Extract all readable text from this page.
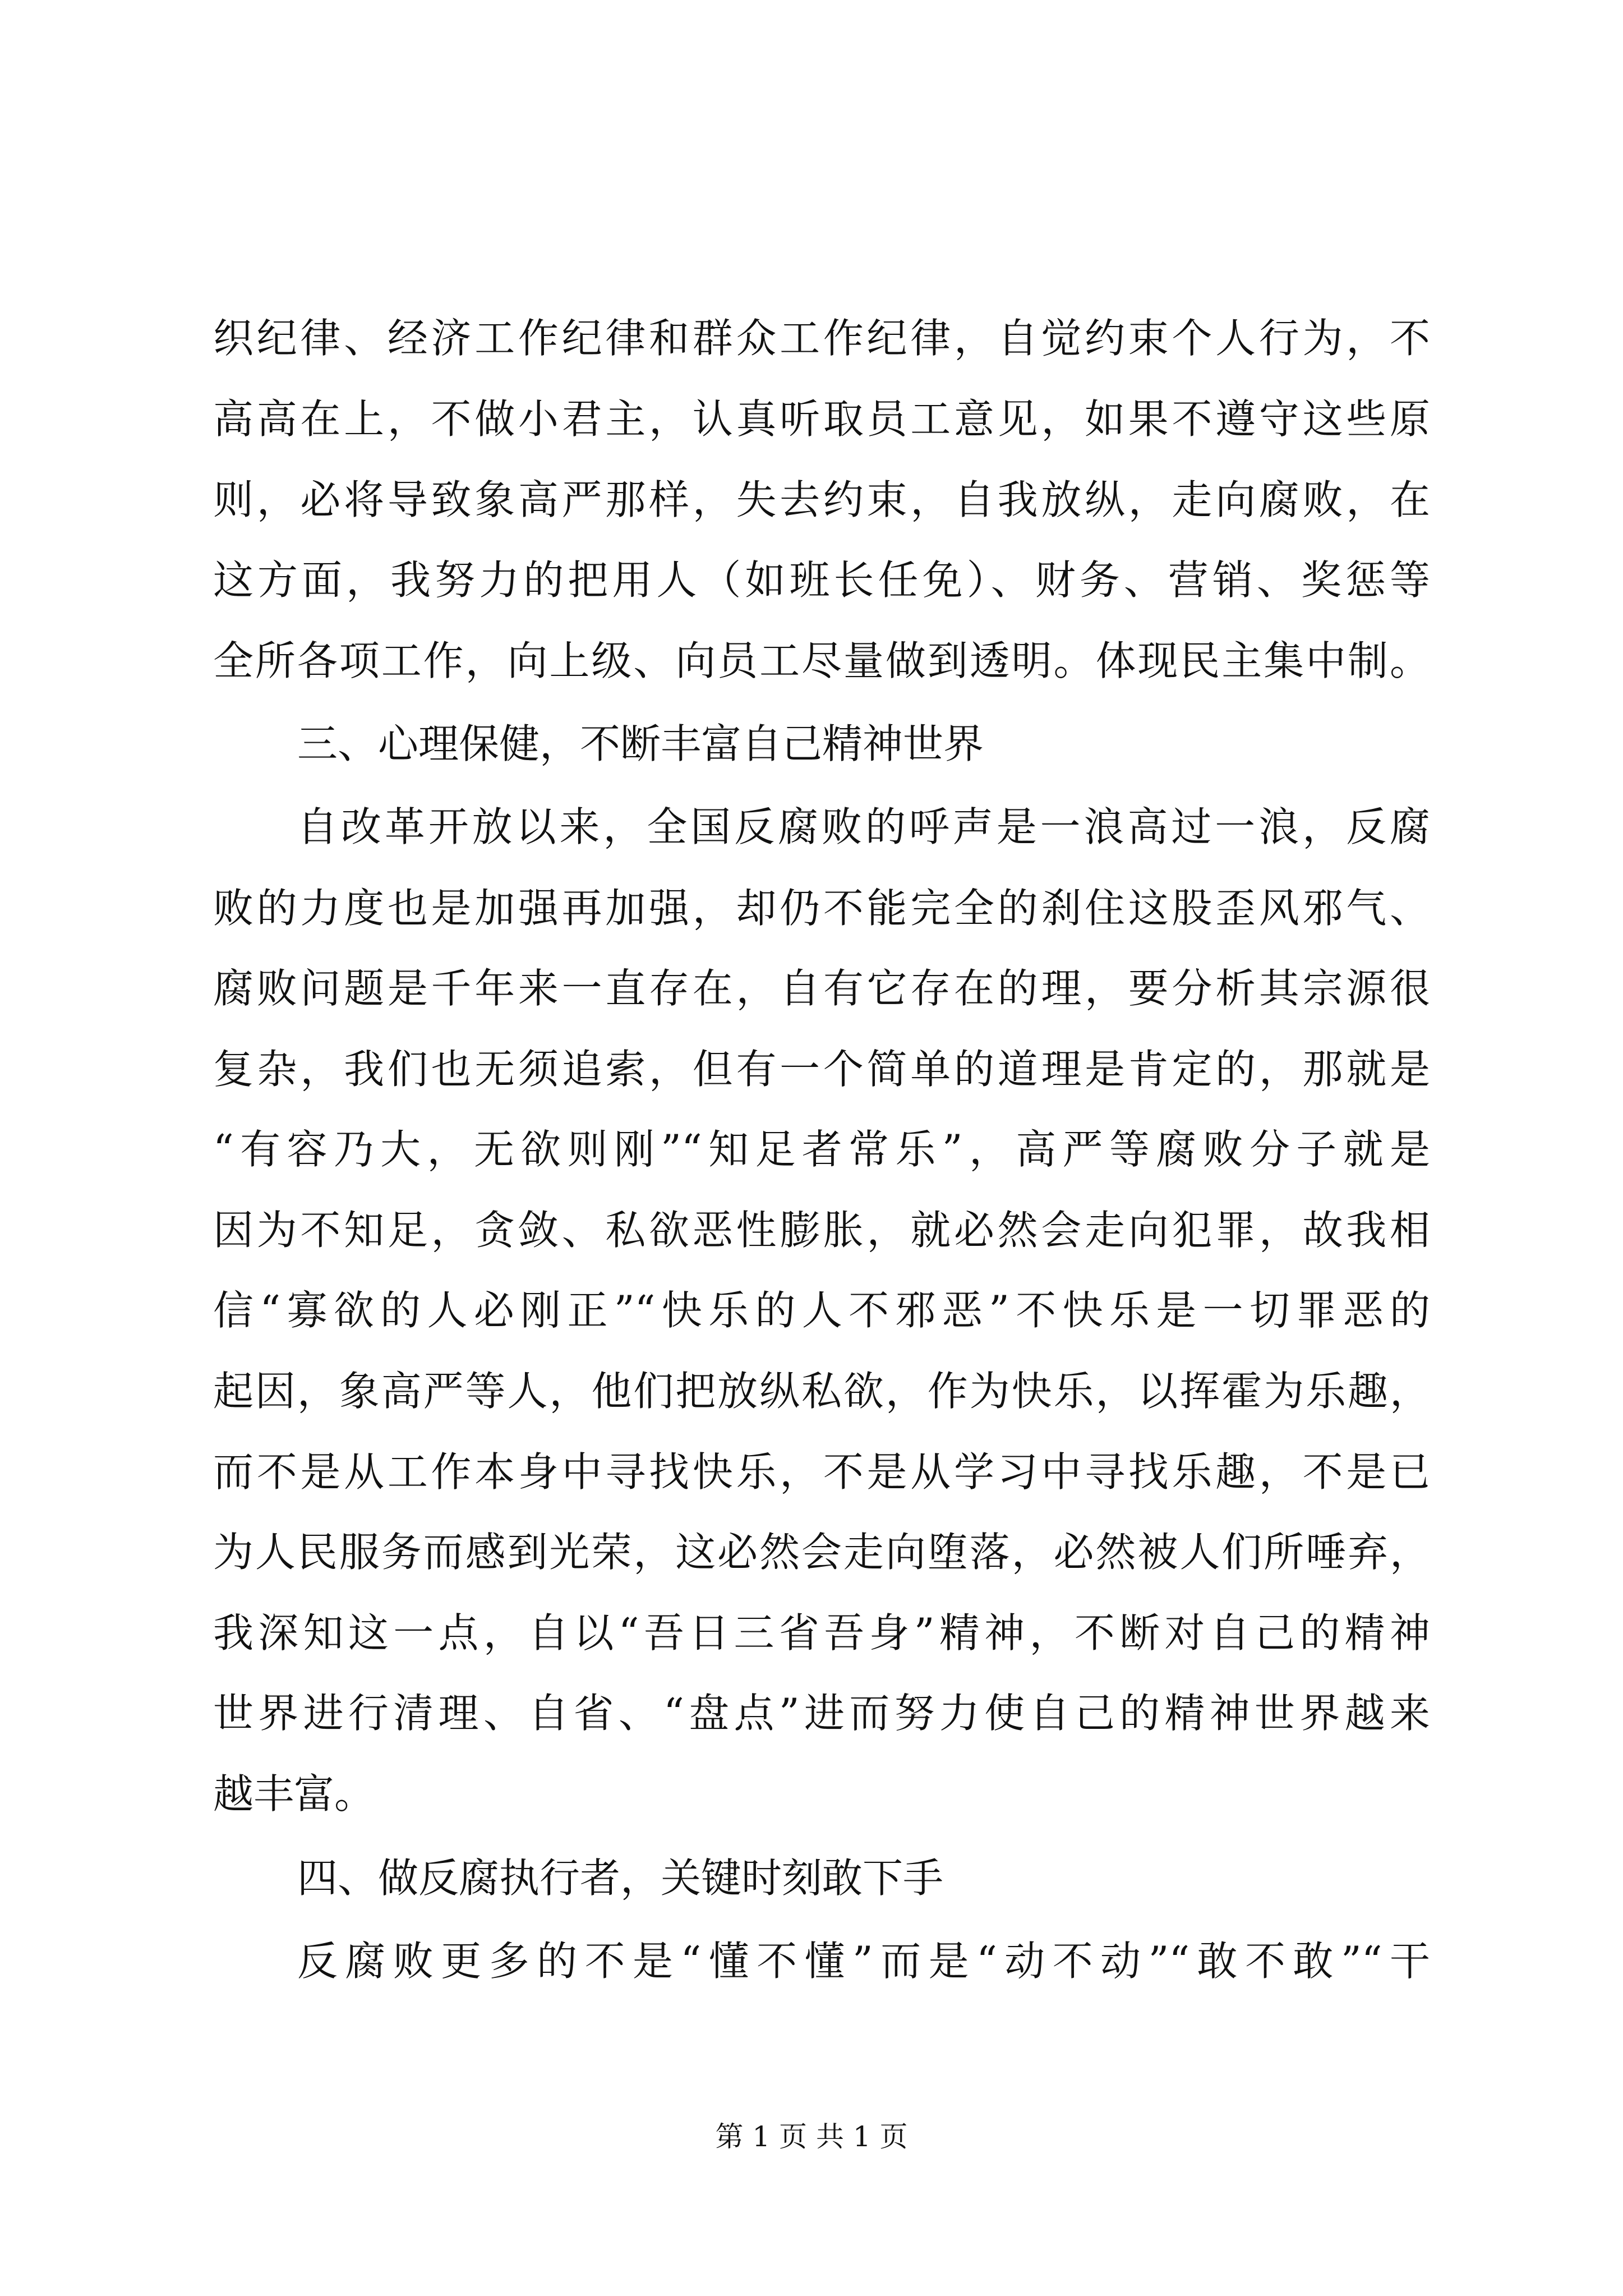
织纪律、经济工作纪律和群众工作纪律，自觉约束个人行为，不
高高在上，不做小君主，认真听取员工意见，如果不遵守这些原
则，必将导致象高严那样，失去约束，自我放纵，走向腐败，在
这方面，我努力的把用人（如班长任免）、财务、营销、奖惩等
全所各项工作，向上级、向员工尽量做到透明。体现民主集中制。
三、心理保健，不断丰富自己精神世界
自改革开放以来，全国反腐败的呼声是一浪高过一浪，反腐
败的力度也是加强再加强，却仍不能完全的刹住这股歪风邪气、
腐败问题是千年来一直存在，自有它存在的理，要分析其宗源很
复杂，我们也无须追索，但有一个简单的道理是肯定的，那就是
“有容乃大，无欲则刚”“知足者常乐”，高严等腐败分子就是
因为不知足，贪敛、私欲恶性膨胀，就必然会走向犯罪，故我相
信“寡欲的人必刚正”“快乐的人不邪恶”不快乐是一切罪恶的
起因，象高严等人，他们把放纵私欲，作为快乐，以挥霍为乐趣，
而不是从工作本身中寻找快乐，不是从学习中寻找乐趣，不是已
为人民服务而感到光荣，这必然会走向堕落，必然被人们所唾弃，
我深知这一点，自以“吾日三省吾身”精神，不断对自己的精神
世界进行清理、自省、“盘点”进而努力使自己的精神世界越来
越丰富。
四、做反腐执行者，关键时刻敢下手
反腐败更多的不是“懂不懂”而是“动不动”“敢不敢”“干
第 1 页 共 1 页
